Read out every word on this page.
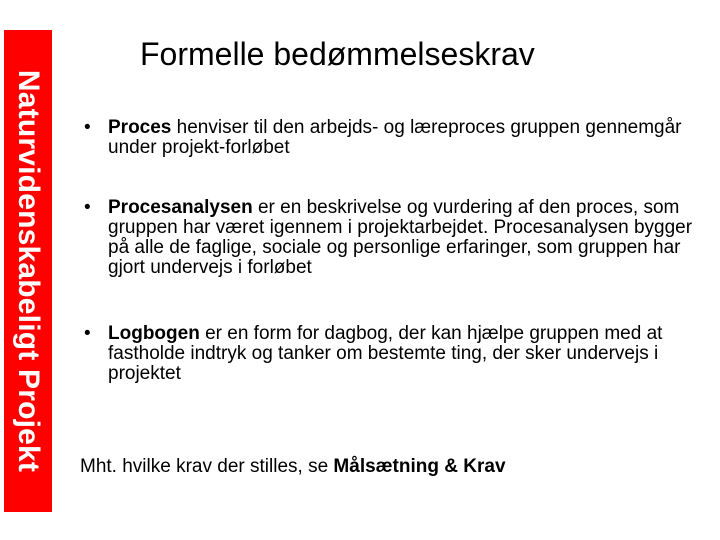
Naturvidenskabeligt Projekt
Formelle bedømmelseskrav
• Proces henviser til den arbejds- og læreproces gruppen gennemgår under projekt-forløbet
• Procesanalysen er en beskrivelse og vurdering af den proces, som gruppen har været igennem i projektarbejdet. Procesanalysen bygger på alle de faglige, sociale og personlige erfaringer, som gruppen har gjort undervejs i forløbet
• Logbogen er en form for dagbog, der kan hjælpe gruppen med at fastholde indtryk og tanker om bestemte ting, der sker undervejs i projektet
Mht. hvilke krav der stilles, se Målsætning & Krav
